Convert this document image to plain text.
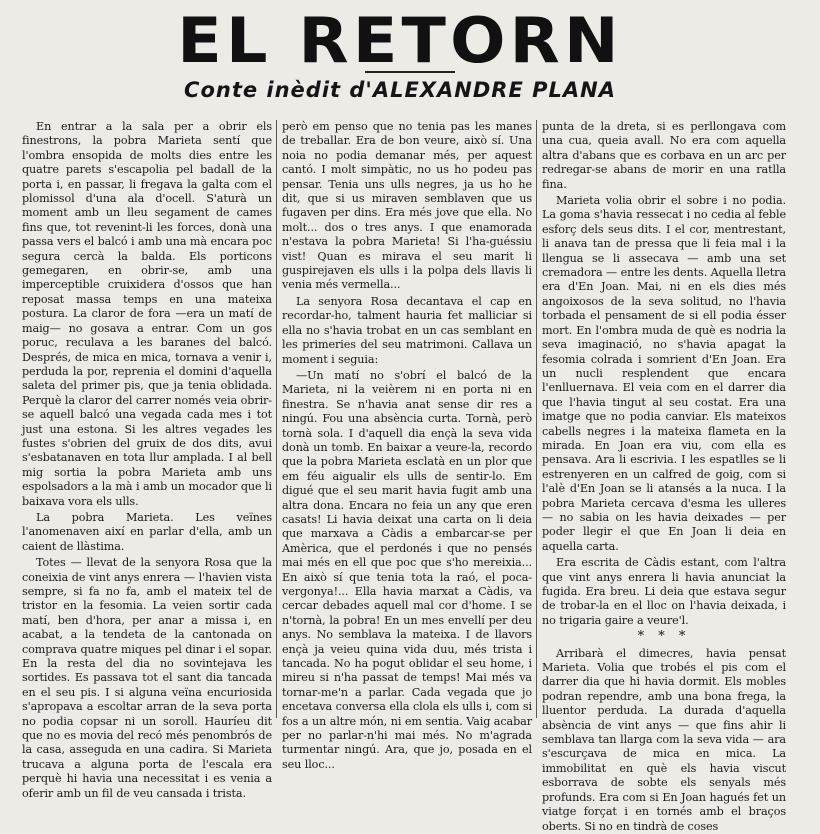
EL RETORN
Conte inèdit d'ALEXANDRE PLANA

En entrar a la sala per a obrir els finestrons, la pobra Marieta sentí que l'ombra ensopida de molts dies entre les quatre parets s'escapolia pel badall de la porta i, en passar, li fregava la galta com el plomissol d'una ala d'ocell. S'aturà un moment amb un lleu segament de cames fins que, tot revenint-li les forces, donà una passa vers el balcó i amb una mà encara poc segura cercà la balda. Els porticons gemegaren, en obrir-se, amb una imperceptible cruixidera d'ossos que han reposat massa temps en una mateixa postura. La claror de fora —era un matí de maig— no gosava a entrar. Com un gos poruc, reculava a les baranes del balcó. Després, de mica en mica, tornava a venir i, perduda la por, reprenia el domini d'aquella saleta del primer pis, que ja tenia oblidada. Perquè la claror del carrer només veia obrir-se aquell balcó una vegada cada mes i tot just una estona. Si les altres vegades les fustes s'obrien del gruix de dos dits, avui s'esbatanaven en tota llur amplada. I al bell mig sortia la pobra Marieta amb uns espolsadors a la mà i amb un mocador que li baixava vora els ulls.

La pobra Marieta. Les veïnes l'anomenaven així en parlar d'ella, amb un caient de llàstima.

Totes — llevat de la senyora Rosa que la coneixia de vint anys enrera — l'havien vista sempre, si fa no fa, amb el mateix tel de tristor en la fesomia. La veien sortir cada matí, ben d'hora, per anar a missa i, en acabat, a la tendeta de la cantonada on comprava quatre miques pel dinar i el sopar. En la resta del dia no sovintejava les sortides. Es passava tot el sant dia tancada en el seu pis. I si alguna veïna encuriosida s'apropava a escoltar arran de la seva porta no podia copsar ni un soroll. Hauríeu dit que no es movia del recó més penombrós de la casa, asseguda en una cadira. Si Marieta trucava a alguna porta de l'escala era perquè hi havia una necessitat i es venia a oferir amb un fil de veu cansada i trista.

però em penso que no tenia pas les manes de treballar. Era de bon veure, això sí. Una noia no podia demanar més, per aquest cantó. I molt simpàtic, no us ho podeu pas pensar. Tenia uns ulls negres, ja us ho he dit, que si us miraven semblaven que us fugaven per dins. Era més jove que ella. No molt... dos o tres anys. I que enamorada n'estava la pobra Marieta! Si l'ha-guéssiu vist! Quan es mirava el seu marit li guspirejaven els ulls i la polpa dels llavis li venia més vermella...

La senyora Rosa decantava el cap en recordar-ho, talment hauria fet malliciar si ella no s'havia trobat en un cas semblant en les primeries del seu matrimoni. Callava un moment i seguia:

—Un matí no s'obrí el balcó de la Marieta, ni la veièrem ni en porta ni en finestra. Se n'havia anat sense dir res a ningú. Fou una absència curta. Tornà, però tornà sola. I d'aquell dia ençà la seva vida donà un tomb. En baixar a veure-la, recordo que la pobra Marieta esclatà en un plor que em féu aigualir els ulls de sentir-lo. Em digué que el seu marit havia fugit amb una altra dona. Encara no feia un any que eren casats! Li havia deixat una carta on li deia que marxava a Càdis a embarcar-se per Amèrica, que el perdonés i que no pensés mai més en ell que poc que s'ho mereixia... En això sí que tenia tota la raó, el poca-vergonya!... Ella havia marxat a Càdis, va cercar debades aquell mal cor d'home. I se n'tornà, la pobra! En un mes envellí per deu anys. No semblava la mateixa. I de llavors ençà ja veieu quina vida duu, més trista i tancada. No ha pogut oblidar el seu home, i mireu si n'ha passat de temps! Mai més va tornar-me'n a parlar. Cada vegada que jo encetava conversa ella clola els ulls i, com si fos a un altre món, ni em sentia. Vaig acabar per no parlar-n'hi mai més. No m'agrada turmentar ningú. Ara, que jo, posada en el seu lloc...

punta de la dreta, si es perllongava com una cua, queia avall. No era com aquella altra d'abans que es corbava en un arc per redregar-se abans de morir en una ratlla fina.

Marieta volia obrir el sobre i no podia. La goma s'havia ressecat i no cedia al feble esforç dels seus dits. I el cor, mentrestant, li anava tan de pressa que li feia mal i la llengua se li assecava — amb una set cremadora — entre les dents. Aquella lletra era d'En Joan. Mai, ni en els dies més angoixosos de la seva solitud, no l'havia torbada el pensament de si ell podia ésser mort. En l'ombra muda de què es nodria la seva imaginació, no s'havia apagat la fesomia colrada i somrient d'En Joan. Era un nucli resplendent que encara l'enlluernava. El veia com en el darrer dia que l'havia tingut al seu costat. Era una imatge que no podia canviar. Els mateixos cabells negres i la mateixa flameta en la mirada. En Joan era viu, com ella es pensava. Ara li escrivia. I les espatlles se li estrenyeren en un calfred de goig, com si l'alè d'En Joan se li atansés a la nuca. I la pobra Marieta cercava d'esma les ulleres — no sabia on les havia deixades — per poder llegir el que En Joan li deia en aquella carta.

Era escrita de Càdis estant, com l'altra que vint anys enrera li havia anunciat la fugida. Era breu. Li deia que estava segur de trobar-la en el lloc on l'havia deixada, i no trigaria gaire a veure'l.

* * *

Arribarà el dimecres, havia pensat Marieta. Volia que trobés el pis com el darrer dia que hi havia dormit. Els mobles podran rependre, amb una bona frega, la lluentor perduda. La durada d'aquella absència de vint anys — que fins ahir li semblava tan llarga com la seva vida — ara s'escurçava de mica en mica. La immobilitat en què els havia viscut esborrava de sobte els senyals més profunds. Era com si En Joan hagués fet un viatge forçat i en tornés amb el braços oberts. Si no en tindrà de coses
